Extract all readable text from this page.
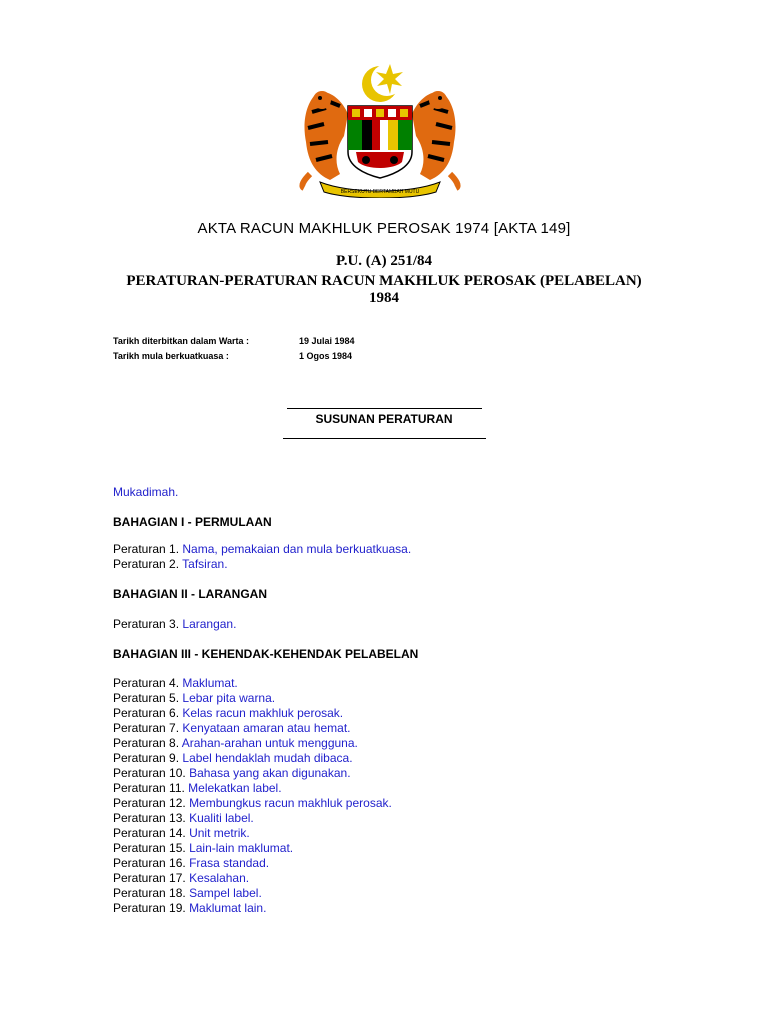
BERSEKUTU BERTAMBAH MUTU
AKTA RACUN MAKHLUK PEROSAK 1974 [AKTA 149]
P.U. (A) 251/84
PERATURAN-PERATURAN RACUN MAKHLUK PEROSAK (PELABELAN)
1984
Tarikh diterbitkan dalam Warta :	19 Julai 1984
Tarikh mula berkuatkuasa :	1 Ogos 1984
SUSUNAN PERATURAN
Mukadimah.
BAHAGIAN I - PERMULAAN
Peraturan 1. Nama, pemakaian dan mula berkuatkuasa.
Peraturan 2. Tafsiran.
BAHAGIAN II - LARANGAN
Peraturan 3. Larangan.
BAHAGIAN III - KEHENDAK-KEHENDAK PELABELAN
Peraturan 4. Maklumat.
Peraturan 5. Lebar pita warna.
Peraturan 6. Kelas racun makhluk perosak.
Peraturan 7. Kenyataan amaran atau hemat.
Peraturan 8. Arahan-arahan untuk mengguna.
Peraturan 9. Label hendaklah mudah dibaca.
Peraturan 10. Bahasa yang akan digunakan.
Peraturan 11. Melekatkan label.
Peraturan 12. Membungkus racun makhluk perosak.
Peraturan 13. Kualiti label.
Peraturan 14. Unit metrik.
Peraturan 15. Lain-lain maklumat.
Peraturan 16. Frasa standad.
Peraturan 17. Kesalahan.
Peraturan 18. Sampel label.
Peraturan 19. Maklumat lain.
